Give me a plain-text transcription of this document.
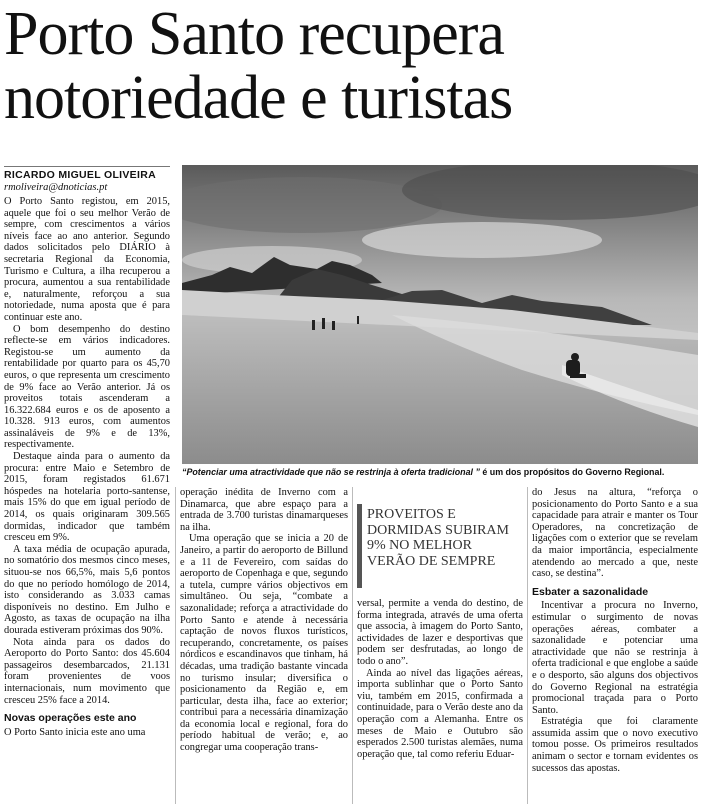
Porto Santo recupera notoriedade e turistas
RICARDO MIGUEL OLIVEIRA
rmoliveira@dnoticias.pt

O Porto Santo registou, em 2015, aquele que foi o seu melhor Verão de sempre, com crescimentos a vários níveis face ao ano anterior. Segundo dados solicitados pelo DIÁRIO à secretaria Regional da Economia, Turismo e Cultura, a ilha recuperou a procura, aumentou a sua rentabilidade e, naturalmente, reforçou a sua notoriedade, numa aposta que é para continuar este ano.

O bom desempenho do destino reflecte-se em vários indicadores. Registou-se um aumento da rentabilidade por quarto para os 45,70 euros, o que representa um crescimento de 9% face ao Verão anterior. Já os proveitos totais ascenderam a 16.322.684 euros e os de aposento a 10.328. 913 euros, com aumentos assinaláveis de 9% e de 13%, respectivamente.

Destaque ainda para o aumento da procura: entre Maio e Setembro de 2015, foram registados 61.671 hóspedes na hotelaria porto-santense, mais 15% do que em igual período de 2014, os quais originaram 309.565 dormidas, indicador que também cresceu em 9%.

A taxa média de ocupação apurada, no somatório dos mesmos cinco meses, situou-se nos 66,5%, mais 5,6 pontos do que no período homólogo de 2014, isto considerando as 3.033 camas disponíveis no destino. Em Julho e Agosto, as taxas de ocupação na ilha dourada estiveram próximas dos 90%.

Nota ainda para os dados do Aeroporto do Porto Santo: dos 45.604 passageiros desembarcados, 21.131 foram provenientes de voos internacionais, num movimento que cresceu 25% face a 2014.

Novas operações este ano

O Porto Santo inicia este ano uma

“Potenciar uma atractividade que não se restrinja à oferta tradicional ” é um dos propósitos do Governo Regional.

operação inédita de Inverno com a Dinamarca, que abre espaço para a entrada de 3.700 turistas dinamarqueses na ilha.

Uma operação que se inicia a 20 de Janeiro, a partir do aeroporto de Billund e a 11 de Fevereiro, com saídas do aeroporto de Copenhaga e que, segundo a tutela, cumpre vários objectivos em simultâneo. Ou seja, “combate a sazonalidade; reforça a atractividade do Porto Santo e atende à necessária captação de novos fluxos turísticos, recuperando, concretamente, os países nórdicos e escandinavos que tinham, há décadas, uma tradição bastante vincada no turismo insular; diversifica o posicionamento da Região e, em particular, desta ilha, face ao exterior; contribui para a necessária dinamização da economia local e regional, fora do período habitual de verão; e, ao congregar uma cooperação trans-

PROVEITOS E DORMIDAS SUBIRAM 9% NO MELHOR VERÃO DE SEMPRE

versal, permite a venda do destino, de forma integrada, através de uma oferta que associa, à imagem do Porto Santo, actividades de lazer e desportivas que podem ser desfrutadas, ao longo de todo o ano”.

Ainda ao nível das ligações aéreas, importa sublinhar que o Porto Santo viu, também em 2015, confirmada a continuidade, para o Verão deste ano da operação com a Alemanha. Entre os meses de Maio e Outubro são esperados 2.500 turistas alemães, numa operação que, tal como referiu Eduar-

do Jesus na altura, “reforça o posicionamento do Porto Santo e a sua capacidade para atrair e manter os Tour Operadores, na concretização de ligações com o exterior que se revelam da maior importância, especialmente atendendo ao mercado a que, neste caso, se destina”.

Esbater a sazonalidade

Incentivar a procura no Inverno, estimular o surgimento de novas operações aéreas, combater a sazonalidade e potenciar uma atractividade que não se restrinja à oferta tradicional e que englobe a saúde e o desporto, são alguns dos objectivos do Governo Regional na estratégia promocional traçada para o Porto Santo.

Estratégia que foi claramente assumida assim que o novo executivo tomou posse. Os primeiros resultados animam o sector e tornam evidentes os sucessos das apostas.
